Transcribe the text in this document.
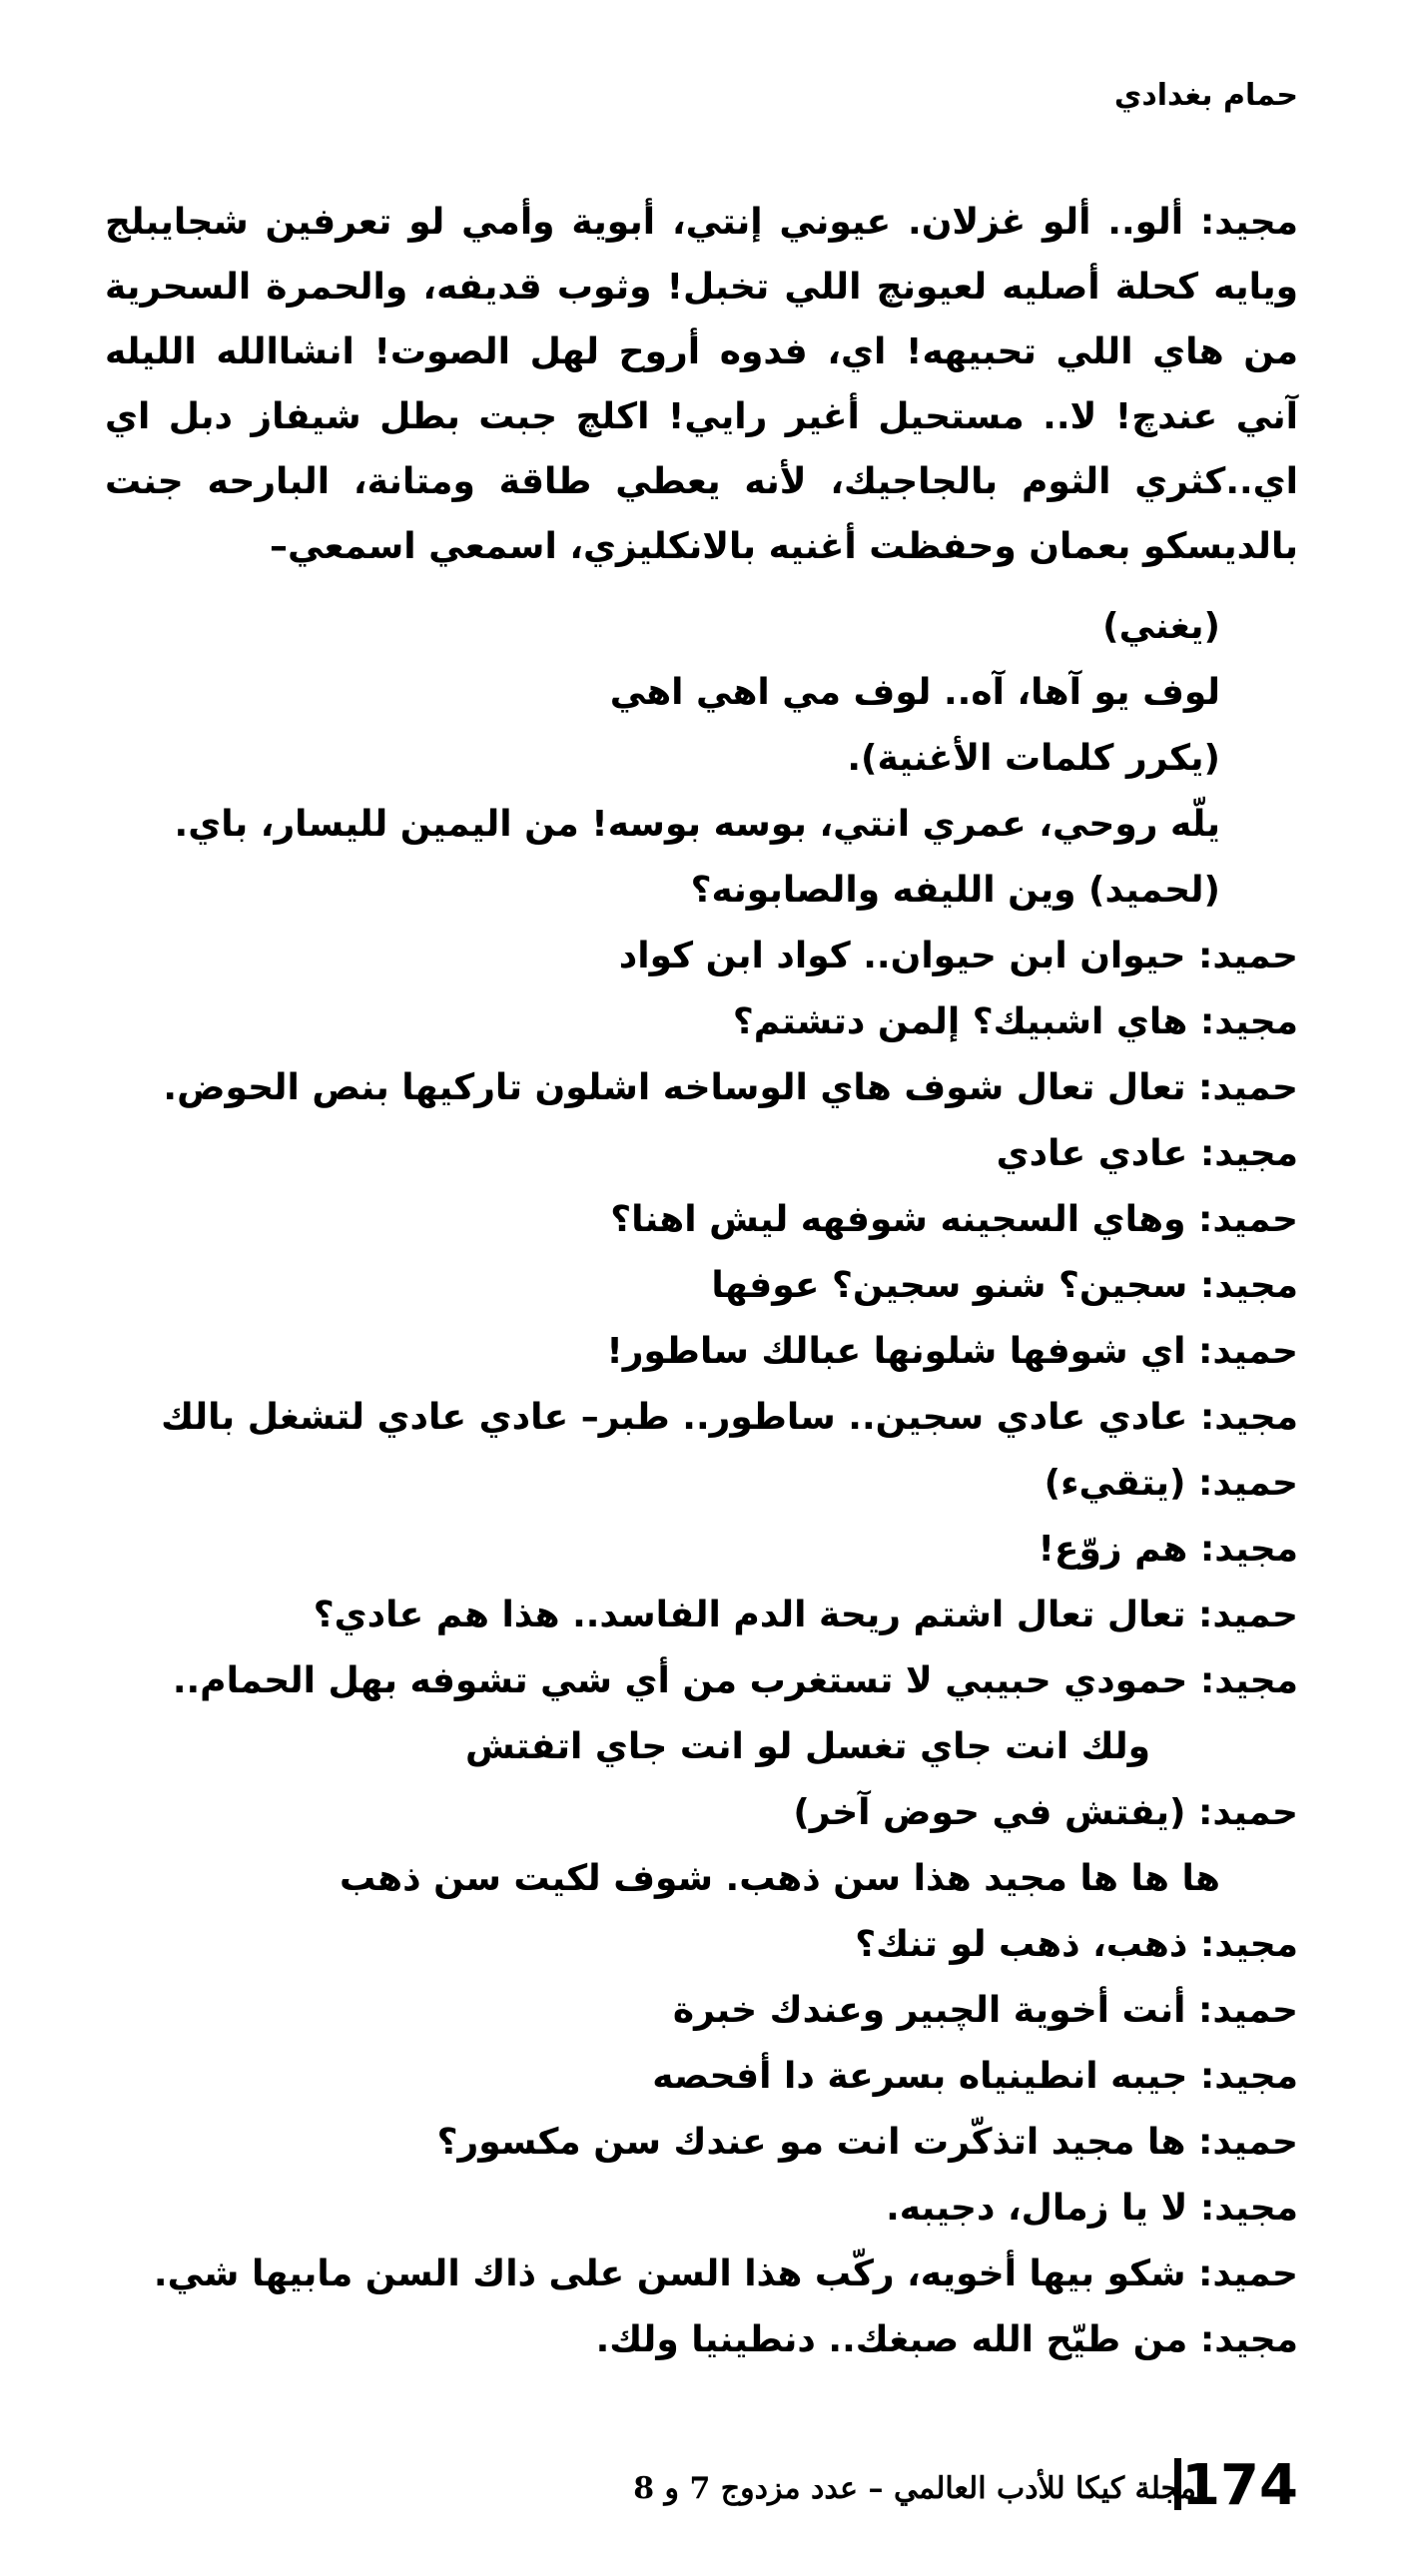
حمام بغدادي
مجيد: ألو.. ألو غزلان. عيوني إنتي، أبوية وأمي لو تعرفين شجايبلج ويايه كحلة أصليه لعيونچ اللي تخبل! وثوب قديفه، والحمرة السحرية من هاي اللي تحبيهه! اي، فدوه أروح لهل الصوت! انشاالله الليله آني عندچ! لا.. مستحيل أغير رايي! اكلچ جبت بطل شيفاز دبل اي اي..كثري الثوم بالجاجيك، لأنه يعطي طاقة ومتانة، البارحه جنت بالديسكو بعمان وحفظت أغنيه بالانكليزي، اسمعي اسمعي–
(يغني)
لوف يو آها، آه.. لوف مي اهي اهي
(يكرر كلمات الأغنية).
يلّه روحي، عمري انتي، بوسه بوسه! من اليمين لليسار، باي.
(لحميد) وين الليفه والصابونه؟
حميد: حيوان ابن حيوان.. كواد ابن كواد
مجيد: هاي اشبيك؟ إلمن دتشتم؟
حميد: تعال تعال شوف هاي الوساخه اشلون تاركيها بنص الحوض.
مجيد: عادي عادي
حميد: وهاي السجينه شوفهه ليش اهنا؟
مجيد: سجين؟ شنو سجين؟ عوفها
حميد: اي شوفها شلونها عبالك ساطور!
مجيد: عادي عادي سجين.. ساطور.. طبر– عادي عادي لتشغل بالك
حميد: (يتقيء)
مجيد: هم زوّع!
حميد: تعال تعال اشتم ريحة الدم الفاسد.. هذا هم عادي؟
مجيد: حمودي حبيبي لا تستغرب من أي شي تشوفه بهل الحمام..
ولك انت جاي تغسل لو انت جاي اتفتش
حميد: (يفتش في حوض آخر)
ها ها ها مجيد هذا سن ذهب. شوف لكيت سن ذهب
مجيد: ذهب، ذهب لو تنك؟
حميد: أنت أخوية الچبير وعندك خبرة
مجيد: جيبه انطينياه بسرعة دا أفحصه
حميد: ها مجيد اتذكّرت انت مو عندك سن مكسور؟
مجيد: لا يا زمال، دجيبه.
حميد: شكو بيها أخويه، ركّب هذا السن على ذاك السن مابيها شي.
مجيد: من طيّح الله صبغك.. دنطينيا ولك.
174
مجلة كيكا للأدب العالمي – عدد مزدوج 7 و 8
